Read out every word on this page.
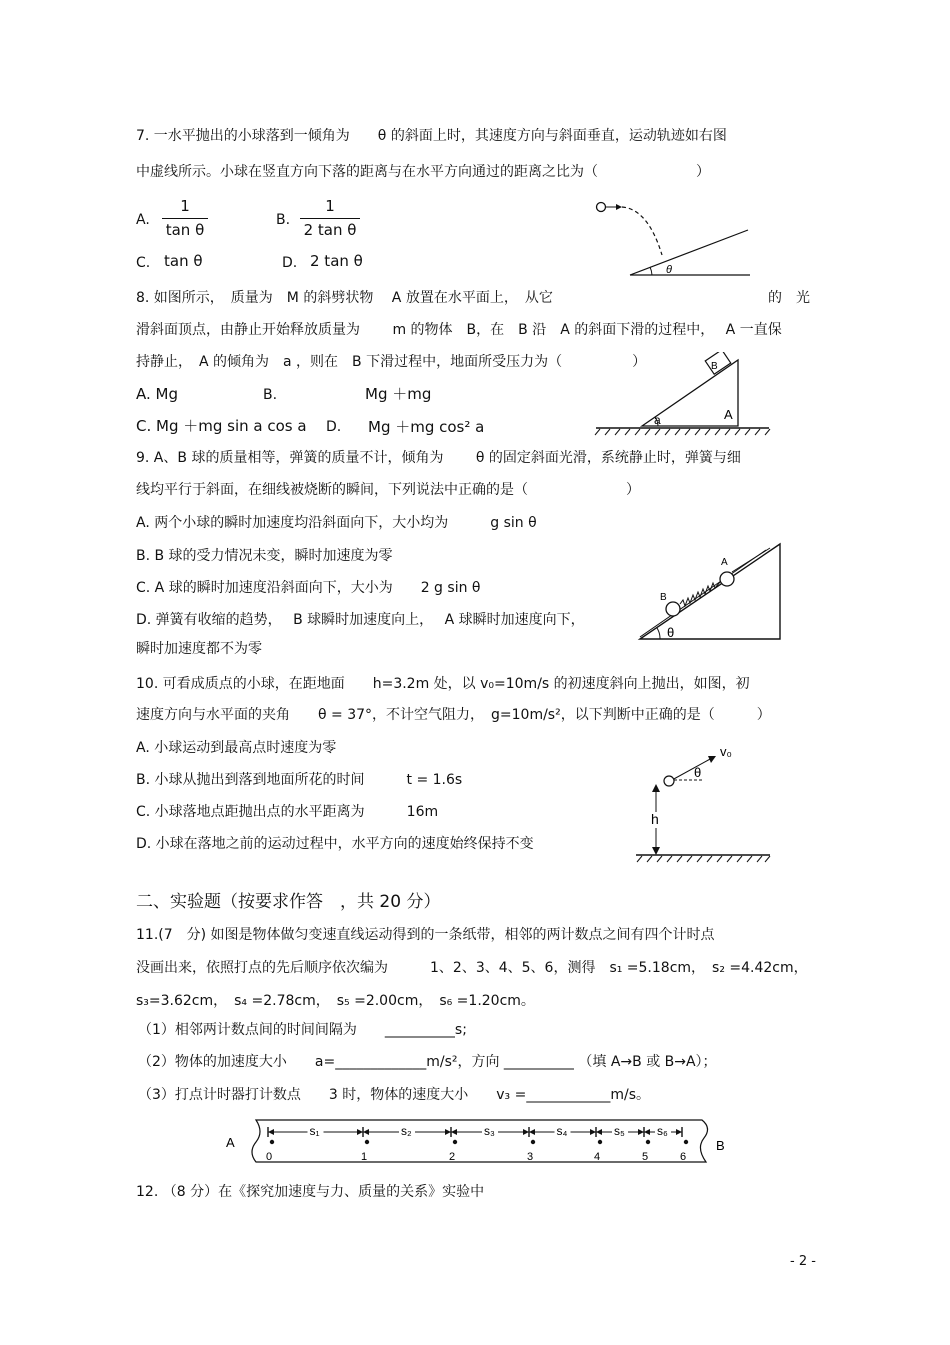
7. 一水平抛出的小球落到一倾角为　　θ 的斜面上时，其速度方向与斜面垂直，运动轨迹如右图
中虚线所示。小球在竖直方向下落的距离与在水平方向通过的距离之比为（　　　　　　　）
A.
1
tan θ
B.
1
2 tan θ
C. tan θ	D. 2 tan θ	θ
8. 如图所示，　质量为　M 的斜劈状物　 A 放置在水平面上，　从它	的　光
滑斜面顶点，由静止开始释放质量为　　 m 的物体　B，在　B 沿　A 的斜面下滑的过程中，　 A 一直保
持静止，　A 的倾角为　a ，则在　B 下滑过程中，地面所受压力为（　　　　　）
A. Mg	B.	Mg ＋mg
C. Mg ＋mg sin a cos a D. Mg ＋mg cos² a
B
A
a
9. A、B 球的质量相等，弹簧的质量不计，倾角为　　 θ 的固定斜面光滑，系统静止时，弹簧与细
线均平行于斜面，在细线被烧断的瞬间，下列说法中正确的是（　　　　　　　）
A. 两个小球的瞬时加速度均沿斜面向下，大小均为　　　g sin θ
B. B 球的受力情况未变，瞬时加速度为零
C. A 球的瞬时加速度沿斜面向下，大小为　　2 g sin θ
D. 弹簧有收缩的趋势，　 B 球瞬时加速度向上，　 A 球瞬时加速度向下，
瞬时加速度都不为零
A
B
θ
10. 可看成质点的小球，在距地面　　h=3.2m 处，以 v₀=10m/s 的初速度斜向上抛出，如图，初
速度方向与水平面的夹角　　θ = 37°，不计空气阻力，　g=10m/s²，以下判断中正确的是（　　　）
A. 小球运动到最高点时速度为零
B. 小球从抛出到落到地面所花的时间　　　t = 1.6s
C. 小球落地点距抛出点的水平距离为　　　16m
D. 小球在落地之前的运动过程中，水平方向的速度始终保持不变
v₀
θ
h
二、实验题（按要求作答　，共 20 分）
11.(7　分) 如图是物体做匀变速直线运动得到的一条纸带，相邻的两计数点之间有四个计时点
没画出来，依照打点的先后顺序依次编为　　　1、2、3、4、5、6，测得　s₁ =5.18cm，　s₂ =4.42cm，
s₃=3.62cm，　s₄ =2.78cm，　s₅ =2.00cm，　s₆ =1.20cm。
（1）相邻两计数点间的时间间隔为　　__________s;
（2）物体的加速度大小　　a=_____________m/s²，方向 __________ （填 A→B 或 B→A）；
（3）打点计时器打计数点　　3 时，物体的速度大小　　v₃ =____________m/s。
A	B
0	1	2	3	4	5	6
s₁	s₂	s₃	s₄	s₅	s₆
12. （8 分）在《探究加速度与力、质量的关系》实验中
- 2 -
